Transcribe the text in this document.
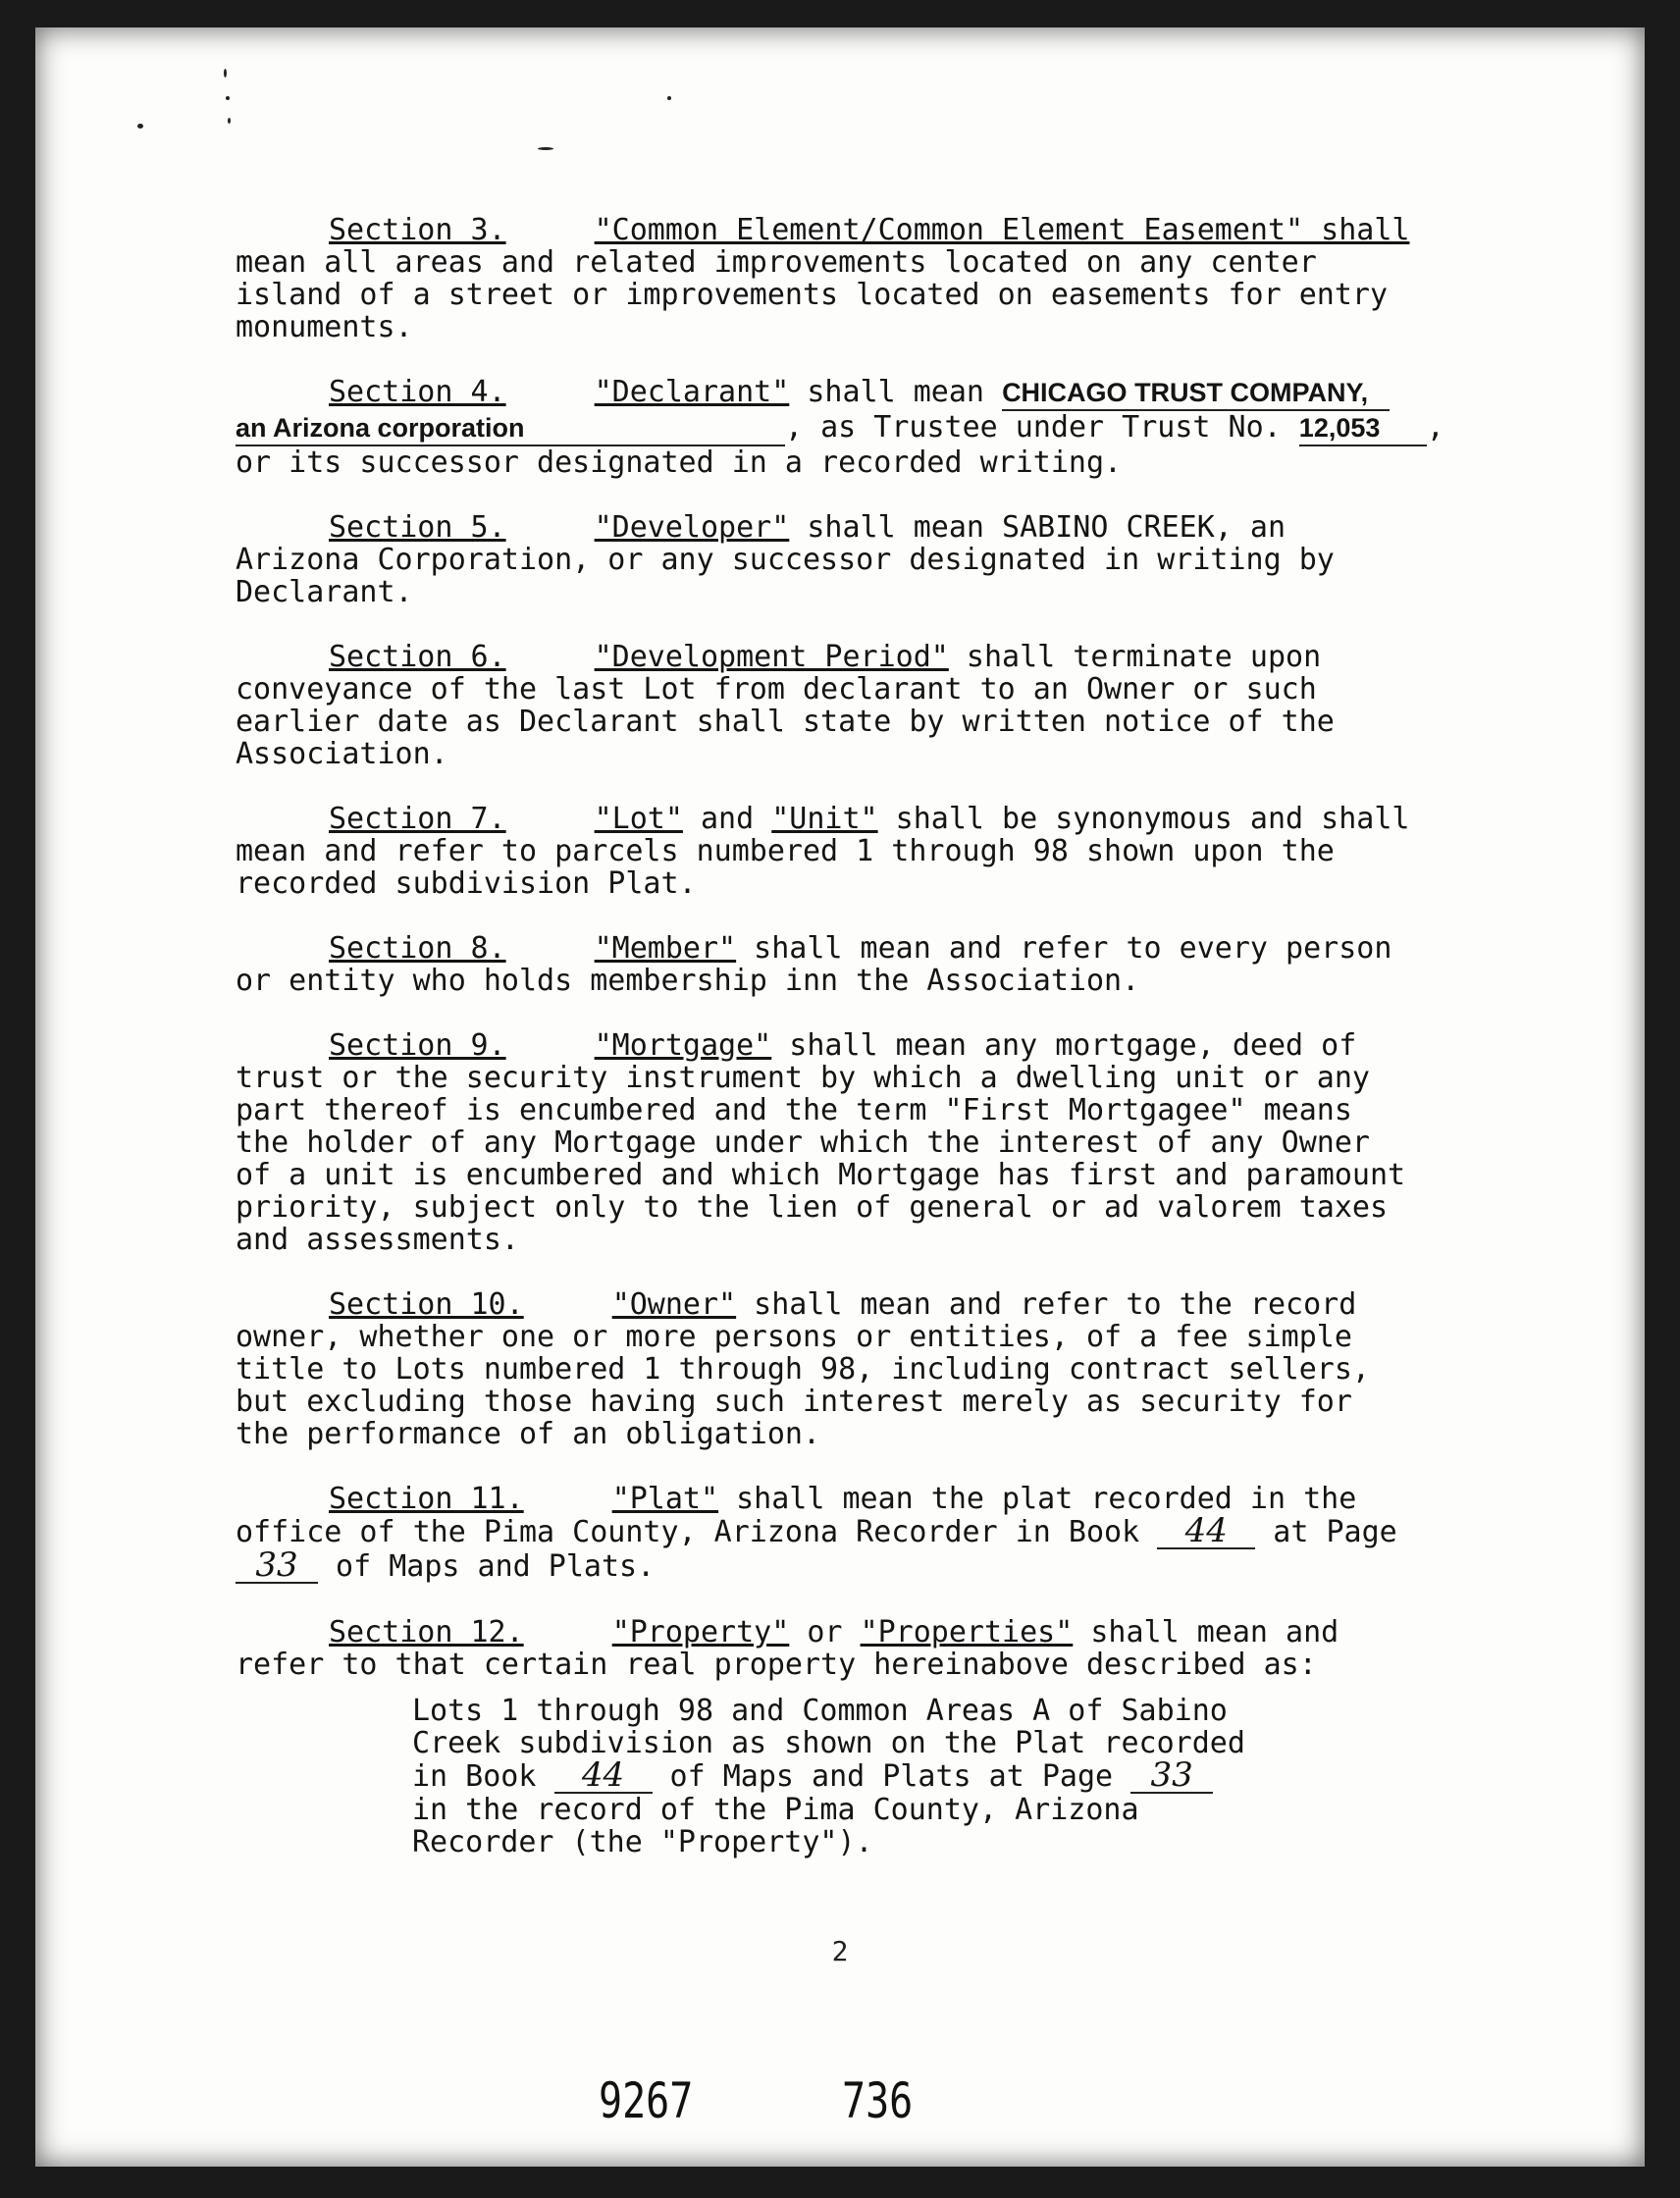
Section 3.	"Common Element/Common Element Easement" shall

mean all areas and related improvements located on any center

island of a street or improvements located on easements for entry

monuments.

Section 4.	"Declarant" shall mean CHICAGO TRUST COMPANY,

an Arizona corporation	, as Trustee under Trust No. 12,053 ,

or its successor designated in a recorded writing.

Section 5.	"Developer" shall mean SABINO CREEK, an

Arizona Corporation, or any successor designated in writing by

Declarant.

Section 6.	"Development Period" shall terminate upon

conveyance of the last Lot from declarant to an Owner or such

earlier date as Declarant shall state by written notice of the

Association.

Section 7.	"Lot" and "Unit" shall be synonymous and shall

mean and refer to parcels numbered 1 through 98 shown upon the

recorded subdivision Plat.

Section 8.	"Member" shall mean and refer to every person

or entity who holds membership inn the Association.

Section 9.	"Mortgage" shall mean any mortgage, deed of

trust or the security instrument by which a dwelling unit or any

part thereof is encumbered and the term "First Mortgagee" means

the holder of any Mortgage under which the interest of any Owner

of a unit is encumbered and which Mortgage has first and paramount

priority, subject only to the lien of general or ad valorem taxes

and assessments.

Section 10.	"Owner" shall mean and refer to the record

owner, whether one or more persons or entities, of a fee simple

title to Lots numbered 1 through 98, including contract sellers,

but excluding those having such interest merely as security for

the performance of an obligation.

Section 11.	"Plat" shall mean the plat recorded in the

office of the Pima County, Arizona Recorder in Book 44 at Page

33 of Maps and Plats.

Section 12.	"Property" or "Properties" shall mean and

refer to that certain real property hereinabove described as:

Lots 1 through 98 and Common Areas A of Sabino

Creek subdivision as shown on the Plat recorded

in Book 44 of Maps and Plats at Page 33

in the record of the Pima County, Arizona

Recorder (the "Property").

2
9267	736
